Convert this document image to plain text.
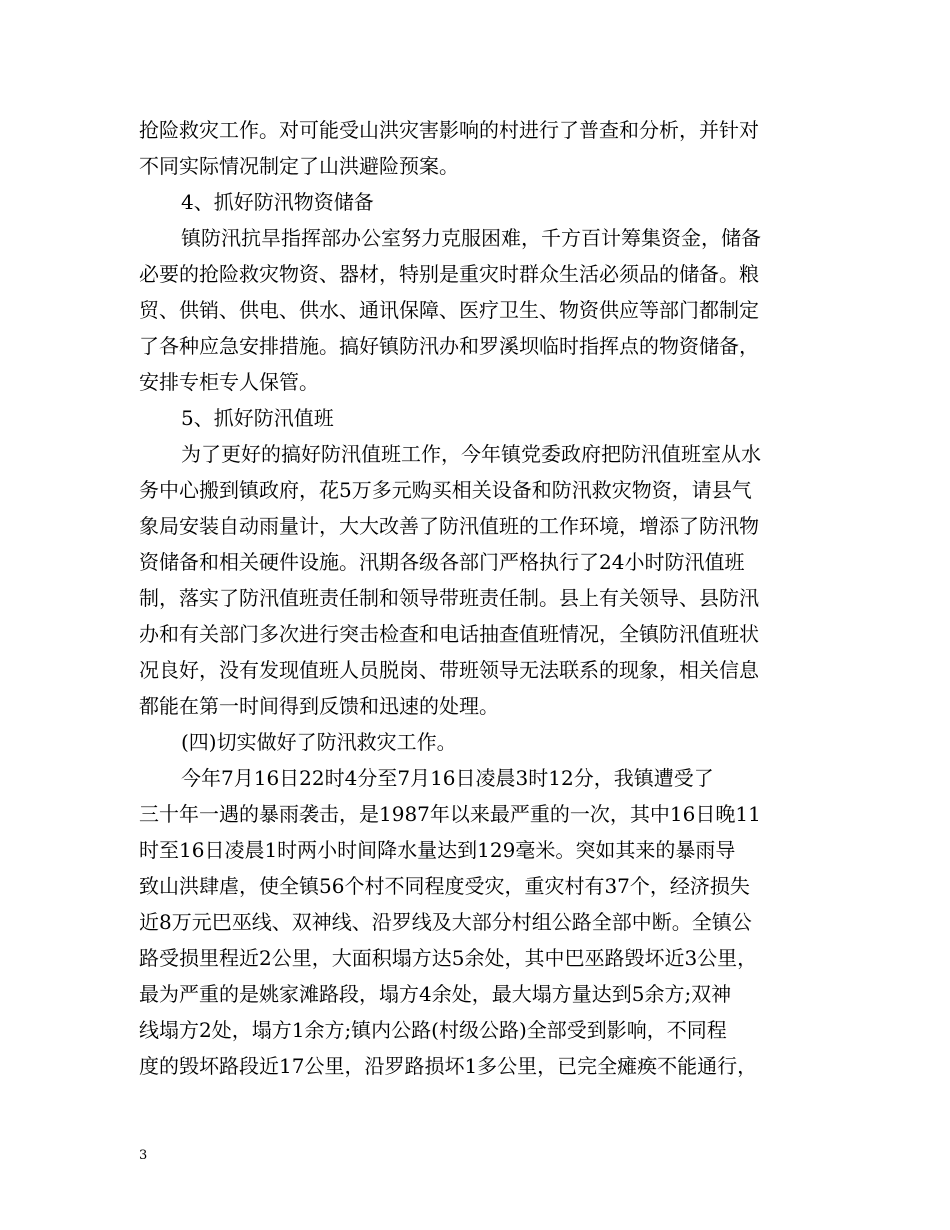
抢险救灾工作。对可能受山洪灾害影响的村进行了普查和分析，并针对
不同实际情况制定了山洪避险预案。
4、抓好防汛物资储备
镇防汛抗旱指挥部办公室努力克服困难，千方百计筹集资金，储备
必要的抢险救灾物资、器材，特别是重灾时群众生活必须品的储备。粮
贸、供销、供电、供水、通讯保障、医疗卫生、物资供应等部门都制定
了各种应急安排措施。搞好镇防汛办和罗溪坝临时指挥点的物资储备，
安排专柜专人保管。
5、抓好防汛值班
为了更好的搞好防汛值班工作，今年镇党委政府把防汛值班室从水
务中心搬到镇政府，花5万多元购买相关设备和防汛救灾物资，请县气
象局安装自动雨量计，大大改善了防汛值班的工作环境，增添了防汛物
资储备和相关硬件设施。汛期各级各部门严格执行了24小时防汛值班
制，落实了防汛值班责任制和领导带班责任制。县上有关领导、县防汛
办和有关部门多次进行突击检查和电话抽查值班情况，全镇防汛值班状
况良好，没有发现值班人员脱岗、带班领导无法联系的现象，相关信息
都能在第一时间得到反馈和迅速的处理。
(四)切实做好了防汛救灾工作。
今年7月16日22时4分至7月16日凌晨3时12分，我镇遭受了
三十年一遇的暴雨袭击，是1987年以来最严重的一次，其中16日晚11
时至16日凌晨1时两小时间降水量达到129毫米。突如其来的暴雨导
致山洪肆虐，使全镇56个村不同程度受灾，重灾村有37个，经济损失
近8万元巴巫线、双神线、沿罗线及大部分村组公路全部中断。全镇公
路受损里程近2公里，大面积塌方达5余处，其中巴巫路毁坏近3公里，
最为严重的是姚家滩路段，塌方4余处，最大塌方量达到5余方;双神
线塌方2处，塌方1余方;镇内公路(村级公路)全部受到影响，不同程
度的毁坏路段近17公里，沿罗路损坏1多公里，已完全瘫痪不能通行，
3
